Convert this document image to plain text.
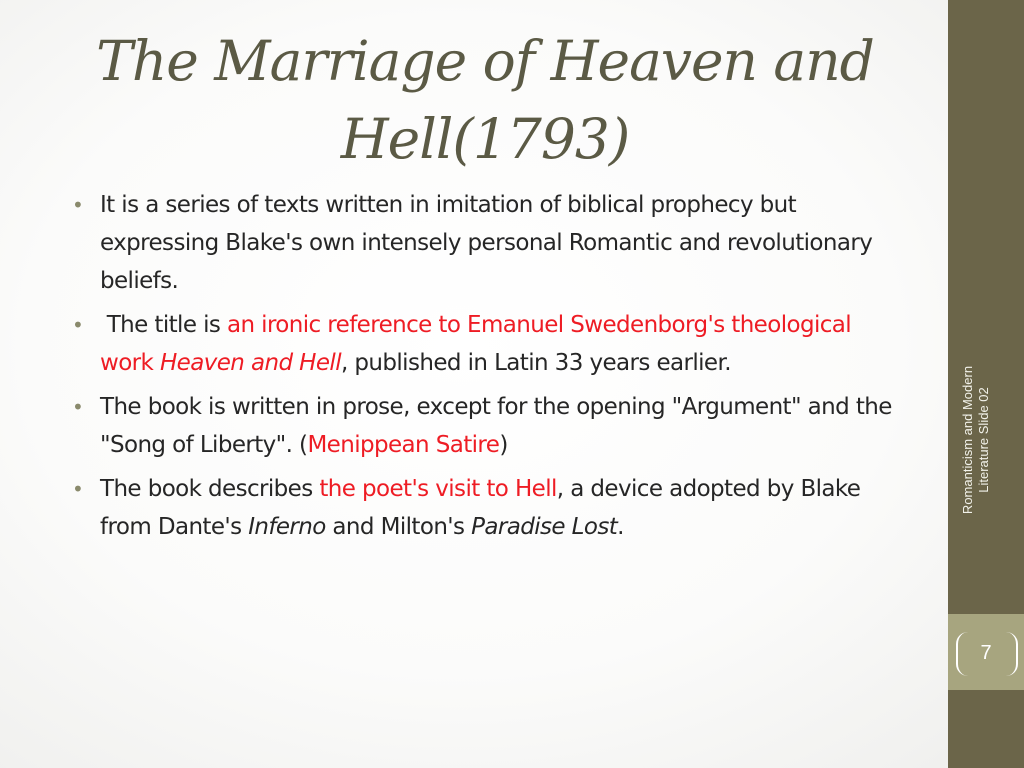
The Marriage of Heaven and
Hell(1793)
• It is a series of texts written in imitation of biblical prophecy but expressing Blake's own intensely personal Romantic and revolutionary beliefs.
• The title is an ironic reference to Emanuel Swedenborg's theological work Heaven and Hell, published in Latin 33 years earlier.
• The book is written in prose, except for the opening "Argument" and the "Song of Liberty". (Menippean Satire)
• The book describes the poet's visit to Hell, a device adopted by Blake from Dante's Inferno and Milton's Paradise Lost.
Romanticism and Modern Literature Slide 02
7
